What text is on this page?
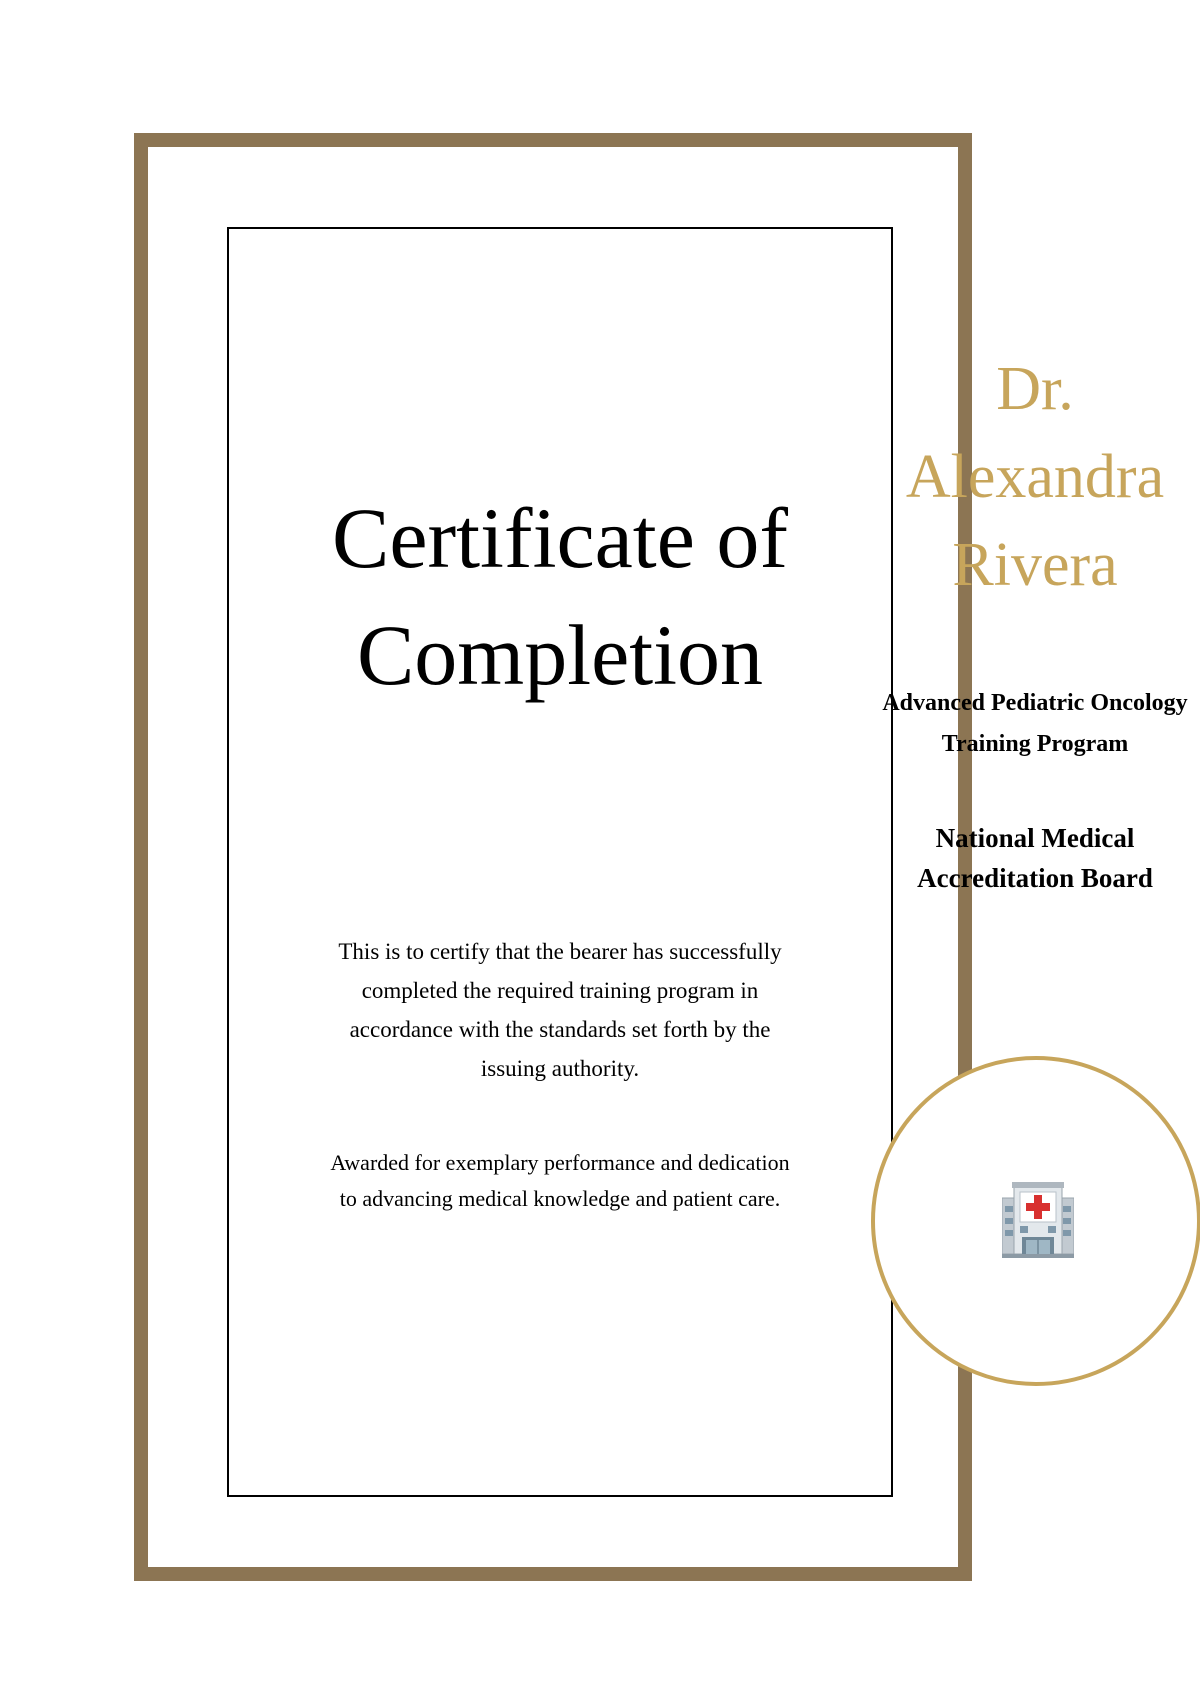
Certificate of Completion

This is to certify that the bearer has successfully completed the required training program in accordance with the standards set forth by the issuing authority.

Awarded for exemplary performance and dedication to advancing medical knowledge and patient care.

Dr. Alexandra Rivera
Advanced Pediatric Oncology Training Program
National Medical Accreditation Board
